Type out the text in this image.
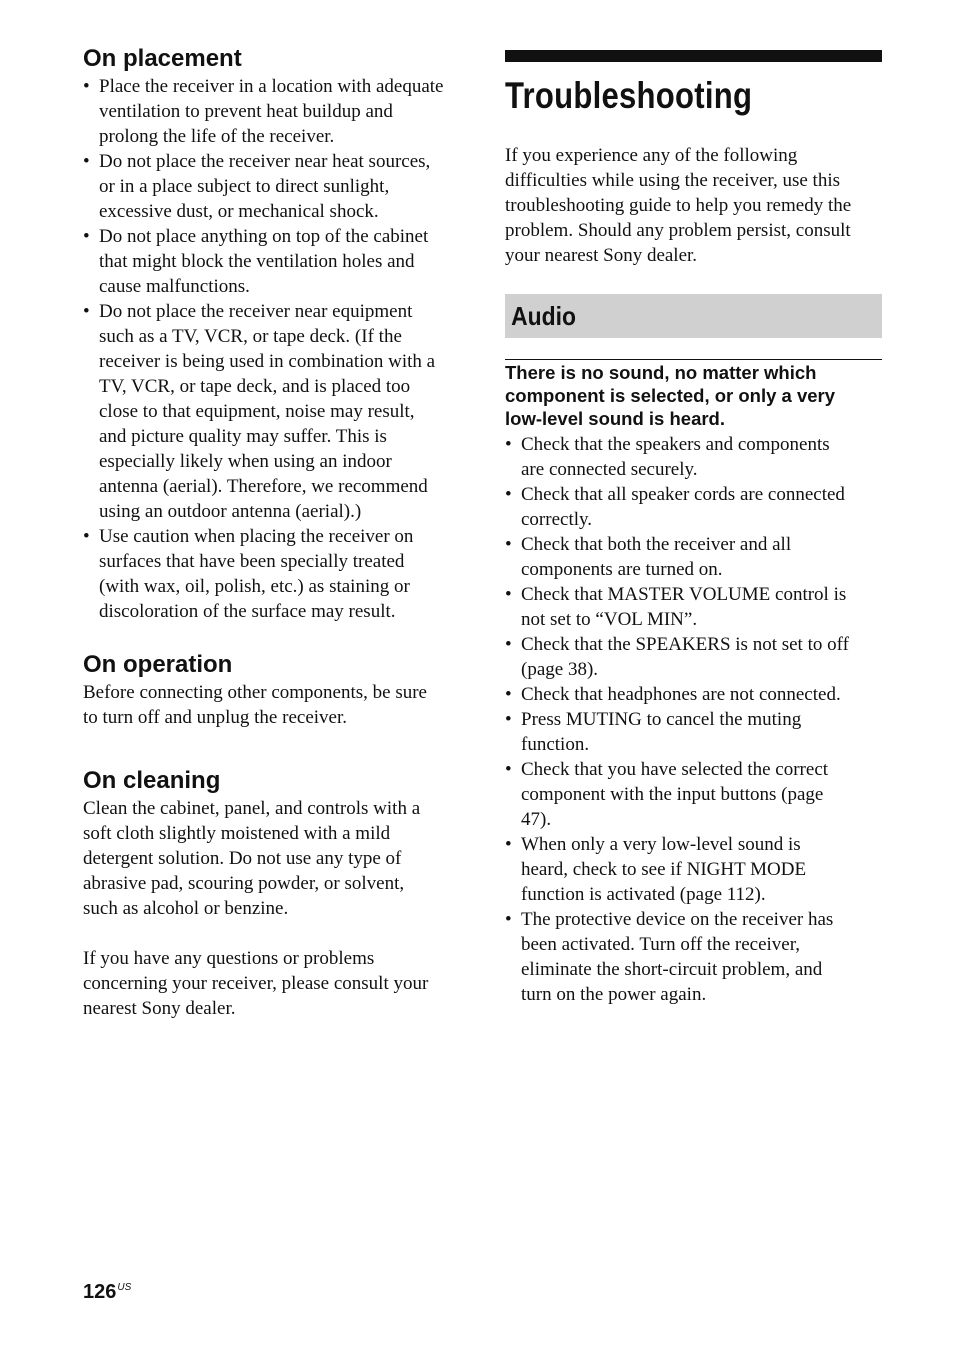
On placement
• Place the receiver in a location with adequate
ventilation to prevent heat buildup and
prolong the life of the receiver.
• Do not place the receiver near heat sources,
or in a place subject to direct sunlight,
excessive dust, or mechanical shock.
• Do not place anything on top of the cabinet
that might block the ventilation holes and
cause malfunctions.
• Do not place the receiver near equipment
such as a TV, VCR, or tape deck. (If the
receiver is being used in combination with a
TV, VCR, or tape deck, and is placed too
close to that equipment, noise may result,
and picture quality may suffer. This is
especially likely when using an indoor
antenna (aerial). Therefore, we recommend
using an outdoor antenna (aerial).)
• Use caution when placing the receiver on
surfaces that have been specially treated
(with wax, oil, polish, etc.) as staining or
discoloration of the surface may result.
On operation

Before connecting other components, be sure
to turn off and unplug the receiver.

On cleaning

Clean the cabinet, panel, and controls with a
soft cloth slightly moistened with a mild
detergent solution. Do not use any type of
abrasive pad, scouring powder, or solvent,
such as alcohol or benzine.

If you have any questions or problems
concerning your receiver, please consult your
nearest Sony dealer.

Troubleshooting

If you experience any of the following
difficulties while using the receiver, use this
troubleshooting guide to help you remedy the
problem. Should any problem persist, consult
your nearest Sony dealer.

Audio
There is no sound, no matter which
component is selected, or only a very
low-level sound is heard.
• Check that the speakers and components
are connected securely.
• Check that all speaker cords are connected
correctly.
• Check that both the receiver and all
components are turned on.
• Check that MASTER VOLUME control is
not set to “VOL MIN”.
• Check that the SPEAKERS is not set to off
(page 38).
• Check that headphones are not connected.
• Press MUTING to cancel the muting
function.
• Check that you have selected the correct
component with the input buttons (page
47).
• When only a very low-level sound is
heard, check to see if NIGHT MODE
function is activated (page 112).
• The protective device on the receiver has
been activated. Turn off the receiver,
eliminate the short-circuit problem, and
turn on the power again.
$126^{US}$
